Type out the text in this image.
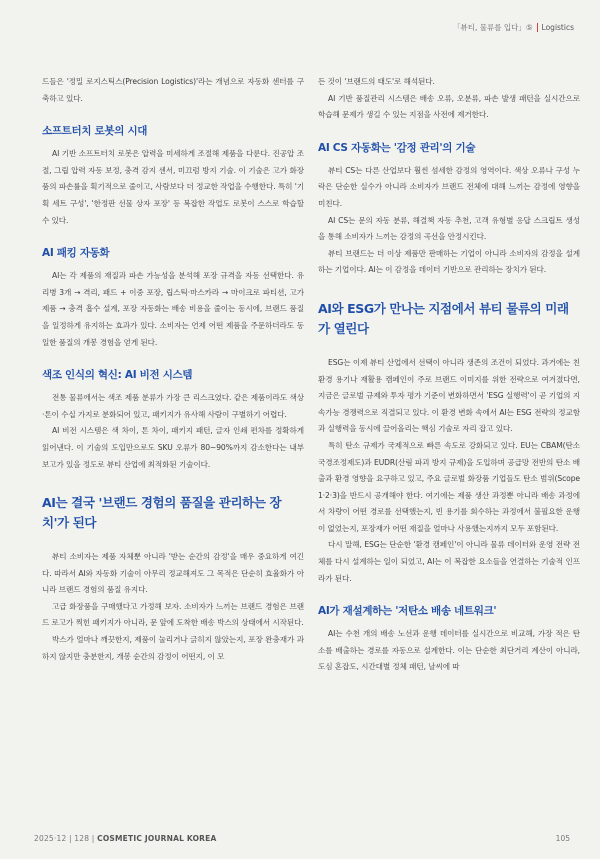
「뷰티, 물류를 입다」⑤ Logistics

드들은 '정밀 로지스틱스(Precision Logistics)'라는 개념으로 자동화 센터를 구축하고 있다.

소프트터치 로봇의 시대

AI 기반 소프트터치 로봇은 압력을 미세하게 조절해 제품을 다룬다. 진공압 조절, 그립 압력 자동 보정, 충격 감지 센서, 미끄럼 방지 기술. 이 기술은 고가 화장품의 파손률을 획기적으로 줄이고, 사람보다 더 정교한 작업을 수행한다. 특히 '기획 세트 구성', '한정판 선물 상자 포장' 등 복잡한 작업도 로봇이 스스로 학습할 수 있다.

AI 패킹 자동화

AI는 각 제품의 재질과 파손 가능성을 분석해 포장 규격을 자동 선택한다. 유리병 3개 → 격리, 패드 + 이중 포장, 립스틱·마스카라 → 마이크로 파티션, 고가 제품 → 충격 흡수 설계, 포장 자동화는 배송 비용을 줄이는 동시에, 브랜드 품질을 일정하게 유지하는 효과가 있다. 소비자는 언제 어떤 제품을 주문하더라도 동일한 품질의 개봉 경험을 얻게 된다.

색조 인식의 혁신: AI 비전 시스템

전통 물류에서는 색조 제품 분류가 가장 큰 리스크였다. 같은 제품이라도 색상·톤이 수십 가지로 분화되어 있고, 패키지가 유사해 사람이 구별하기 어렵다.

AI 비전 시스템은 색 차이, 톤 차이, 패키지 패턴, 글자 인쇄 편차를 정확하게 읽어낸다. 이 기술의 도입만으로도 SKU 오류가 80~90%까지 감소한다는 내부 보고가 있을 정도로 뷰티 산업에 최적화된 기술이다.

AI는 결국 '브랜드 경험의 품질을 관리하는 장치'가 된다

뷰티 소비자는 제품 자체뿐 아니라 '받는 순간의 감정'을 매우 중요하게 여긴다. 따라서 AI와 자동화 기술이 아무리 정교해져도 그 목적은 단순히 효율화가 아니라 브랜드 경험의 품질 유지다.

고급 화장품을 구매했다고 가정해 보자. 소비자가 느끼는 브랜드 경험은 브랜드 로고가 찍힌 패키지가 아니라, 문 앞에 도착한 배송 박스의 상태에서 시작된다.

박스가 얼마나 깨끗한지, 제품이 눌리거나 긁히지 않았는지, 포장 완충재가 과하지 않지만 충분한지, 개봉 순간의 감정이 어떤지, 이 모

든 것이 '브랜드의 태도'로 해석된다.

AI 기반 품질관리 시스템은 배송 오류, 오분류, 파손 발생 패턴을 실시간으로 학습해 문제가 생길 수 있는 지점을 사전에 제거한다.

AI CS 자동화는 '감정 관리'의 기술

뷰티 CS는 다른 산업보다 훨씬 섬세한 감정의 영역이다. 색상 오류나 구성 누락은 단순한 실수가 아니라 소비자가 브랜드 전체에 대해 느끼는 감정에 영향을 미친다.

AI CS는 문의 자동 분류, 해결책 자동 추천, 고객 유형별 응답 스크립트 생성을 통해 소비자가 느끼는 감정의 곡선을 안정시킨다.

뷰티 브랜드는 더 이상 제품만 판매하는 기업이 아니라 소비자의 감정을 설계하는 기업이다. AI는 이 감정을 데이터 기반으로 관리하는 장치가 된다.

AI와 ESG가 만나는 지점에서 뷰티 물류의 미래가 열린다

ESG는 이제 뷰티 산업에서 선택이 아니라 생존의 조건이 되었다. 과거에는 친환경 용기나 재활용 캠페인이 주로 브랜드 이미지를 위한 전략으로 여겨졌다면, 지금은 글로벌 규제와 투자 평가 기준이 변화하면서 'ESG 실행력'이 곧 기업의 지속가능 경쟁력으로 직결되고 있다. 이 환경 변화 속에서 AI는 ESG 전략의 정교함과 실행력을 동시에 끌어올리는 핵심 기술로 자리 잡고 있다.

특히 탄소 규제가 국제적으로 빠른 속도로 강화되고 있다. EU는 CBAM(탄소국경조정제도)과 EUDR(산림 파괴 방지 규제)을 도입하며 공급망 전반의 탄소 배출과 환경 영향을 요구하고 있고, 주요 글로벌 화장품 기업들도 탄소 범위(Scope 1·2·3)을 반드시 공개해야 한다. 여기에는 제품 생산 과정뿐 아니라 배송 과정에서 차량이 어떤 경로를 선택했는지, 빈 용기를 회수하는 과정에서 불필요한 운행이 없었는지, 포장재가 어떤 재질을 얼마나 사용했는지까지 모두 포함된다.

다시 말해, ESG는 단순한 '환경 캠페인'이 아니라 물류 데이터와 운영 전략 전체를 다시 설계하는 일이 되었고, AI는 이 복잡한 요소들을 연결하는 기술적 인프라가 된다.

AI가 재설계하는 '저탄소 배송 네트워크'

AI는 수천 개의 배송 노선과 운행 데이터를 실시간으로 비교해, 가장 적은 탄소를 배출하는 경로를 자동으로 설계한다. 이는 단순한 최단거리 계산이 아니라, 도심 혼잡도, 시간대별 정체 패턴, 날씨에 따

2025·12 | 128 | COSMETIC JOURNAL KOREA	105
